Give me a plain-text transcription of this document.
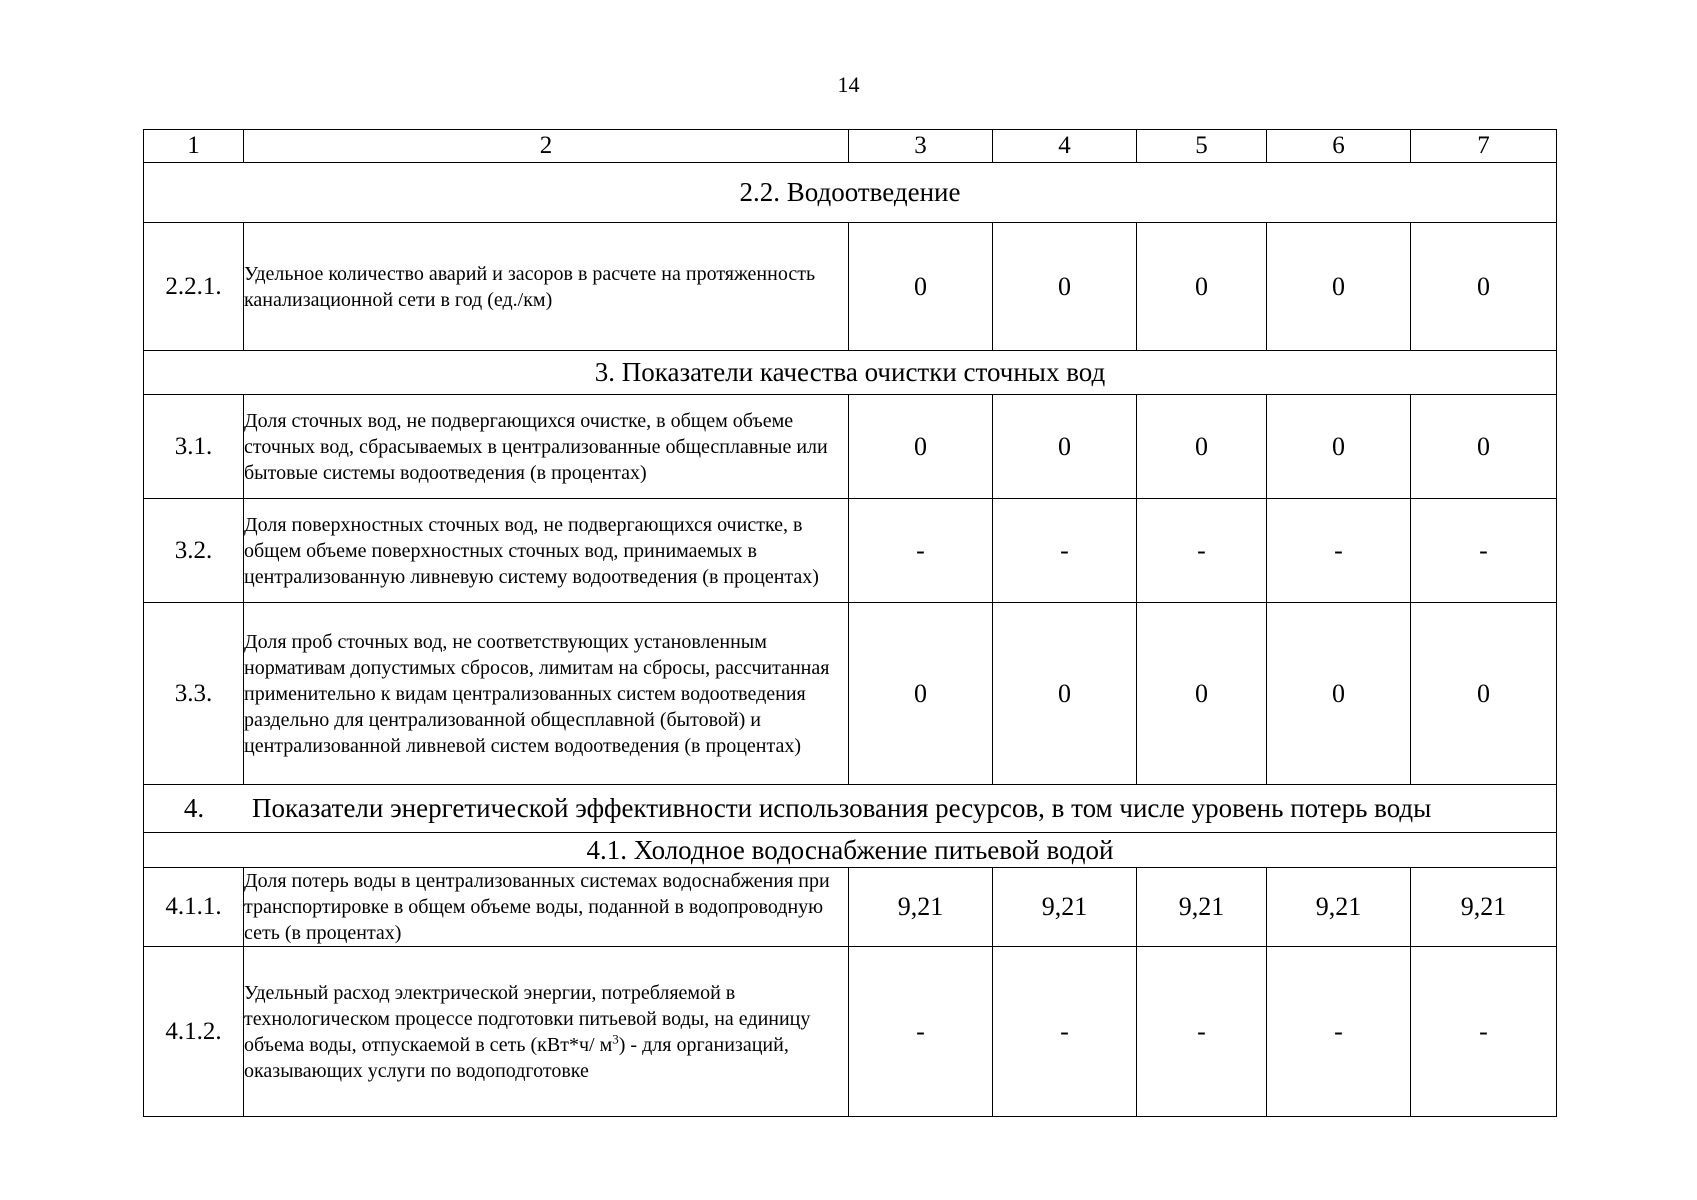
14
1	2	3	4	5	6	7
2.2. Водоотведение						
2.2.1.	Удельное количество аварий и засоров в расчете на протяженность канализационной сети в год (ед./км)	0	0	0	0	0
3. Показатели качества очистки сточных вод						
3.1.	Доля сточных вод, не подвергающихся очистке, в общем объеме сточных вод, сбрасываемых в централизованные общесплавные или бытовые системы водоотведения (в процентах)	0	0	0	0	0
3.2.	Доля поверхностных сточных вод, не подвергающихся очистке, в общем объеме поверхностных сточных вод, принимаемых в централизованную ливневую систему водоотведения (в процентах)	-	-	-	-	-
3.3.	Доля проб сточных вод, не соответствующих установленным нормативам допустимых сбросов, лимитам на сбросы, рассчитанная применительно к видам централизованных систем водоотведения раздельно для централизованной общесплавной (бытовой) и централизованной ливневой систем водоотведения (в процентах)	0	0	0	0	0

4. Показатели энергетической эффективности использования ресурсов, в том числе уровень потерь воды						

4.1. Холодное водоснабжение питьевой водой						
4.1.1.	Доля потерь воды в централизованных системах водоснабжения при транспортировке в общем объеме воды, поданной в водопроводную сеть (в процентах)	9,21	9,21	9,21	9,21	9,21
4.1.2.	Удельный расход электрической энергии, потребляемой в технологическом процессе подготовки питьевой воды, на единицу объема воды, отпускаемой в сеть (кВт*ч/ $м^3$) - для организаций, оказывающих услуги по водоподготовке	-	-	-	-	-
